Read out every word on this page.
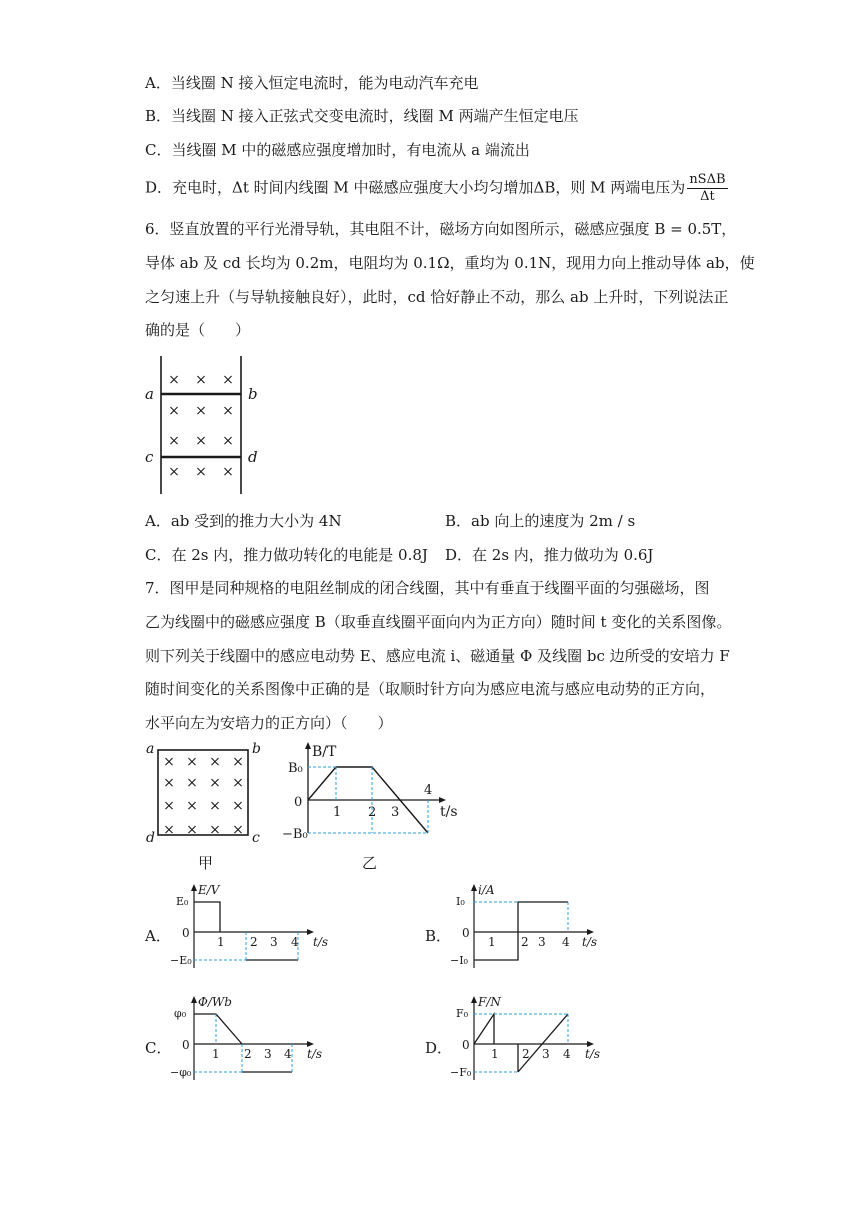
A．当线圈 N 接入恒定电流时，能为电动汽车充电
B．当线圈 N 接入正弦式交变电流时，线圈 M 两端产生恒定电压
C．当线圈 M 中的磁感应强度增加时，有电流从 a 端流出
D．充电时，Δt 时间内线圈 M 中磁感应强度大小均匀增加ΔB，则 M 两端电压为 $\frac{\text{nSΔB}}{\Delta t}$
6．竖直放置的平行光滑导轨，其电阻不计，磁场方向如图所示，磁感应强度 B = 0.5T，
导体 ab 及 cd 长均为 0.2m，电阻均为 0.1Ω，重均为 0.1N，现用力向上推动导体 ab，使
之匀速上升（与导轨接触良好），此时，cd 恰好静止不动，那么 ab 上升时，下列说法正
确的是（　　）
× × ×
× × ×
× × ×
× × ×
a	b
c	d
A．ab 受到的推力大小为 4N	B．ab 向上的速度为 2m / s
C．在 2s 内，推力做功转化的电能是 0.8J D．在 2s 内，推力做功为 0.6J
7．图甲是同种规格的电阻丝制成的闭合线圈，其中有垂直于线圈平面的匀强磁场，图
乙为线圈中的磁感应强度 B（取垂直线圈平面向内为正方向）随时间 t 变化的关系图像。
则下列关于线圈中的感应电动势 E、感应电流 i、磁通量 Φ 及线圈 bc 边所受的安培力 F
随时间变化的关系图像中正确的是（取顺时针方向为感应电流与感应电动势的正方向，
水平向左为安培力的正方向）（　　）
× × × ×
× × × ×
× × × ×
× × × ×
a	b
d	c
甲
B/T
B₀
0
−B₀
1 2 3
4
t/s
乙
A．
E/V
E₀
0
−E₀
1 2 3 4 t/s	B．
i/A
I₀
0
−I₀
1 2 3 4 t/s
C．
Φ/Wb
φ₀
0
−φ₀
1 2 3 4 t/s	D．
F/N
F₀
0
−F₀
1 2 3 4 t/s
